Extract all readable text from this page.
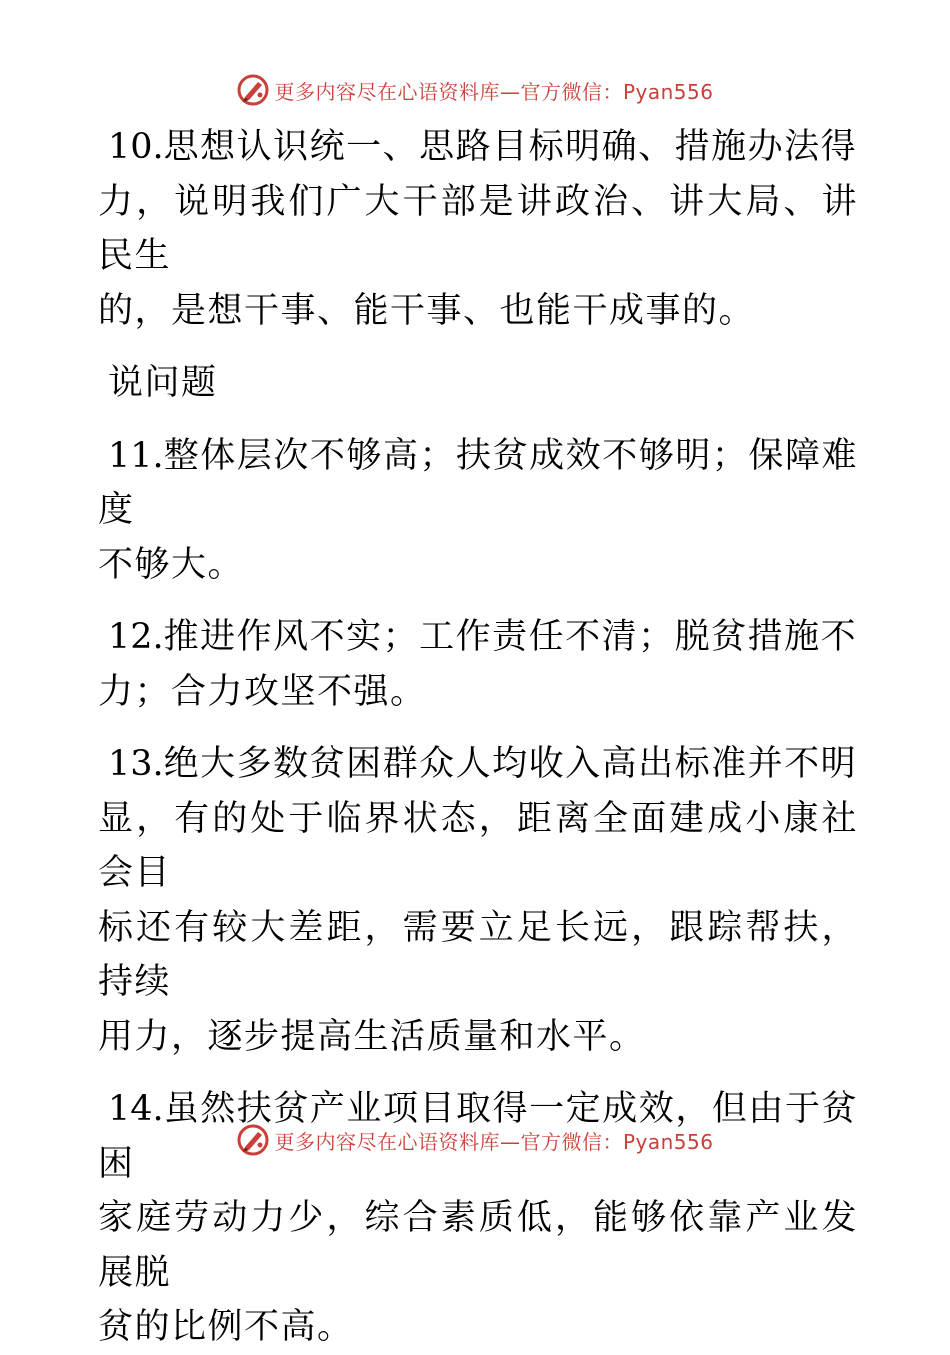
更多内容尽在心语资料库—官方微信：Pyan556
10.思想认识统一、思路目标明确、措施办法得
力，说明我们广大干部是讲政治、讲大局、讲民生
的，是想干事、能干事、也能干成事的。
说问题
11.整体层次不够高；扶贫成效不够明；保障难度
不够大。
12.推进作风不实；工作责任不清；脱贫措施不
力；合力攻坚不强。
13.绝大多数贫困群众人均收入高出标准并不明
显，有的处于临界状态，距离全面建成小康社会目
标还有较大差距，需要立足长远，跟踪帮扶，持续
用力，逐步提高生活质量和水平。
14.虽然扶贫产业项目取得一定成效，但由于贫困
家庭劳动力少，综合素质低，能够依靠产业发展脱
贫的比例不高。
更多内容尽在心语资料库—官方微信：Pyan556
